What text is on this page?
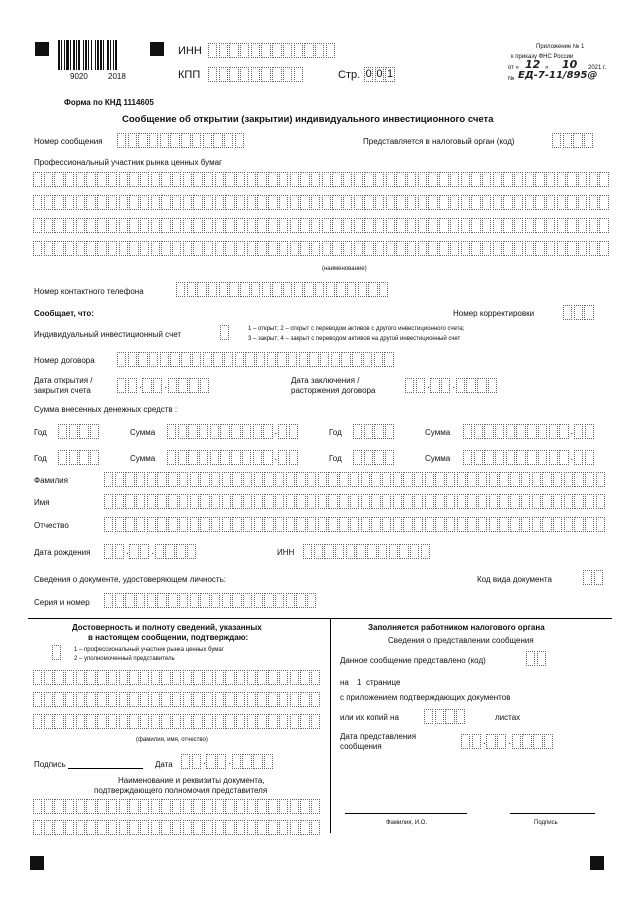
9020	2018
ИНН
КПП	Стр. 0 0 1
Приложение № 1
к приказу ФНС России
от « 12 » 10 2021 г.
№ ЕД-7-11/895@
Форма по КНД 1114605
Сообщение об открытии (закрытии) индивидуального инвестиционного счета
Номер сообщения	Представляется в налоговый орган (код)
Профессиональный участник рынка ценных бумаг
(наименование)
Номер контактного телефона
Сообщает, что:	Номер корректировки
Индивидуальный инвестиционный счет
1 – открыт; 2 – открыт с переводом активов с другого инвестиционного счета;
3 – закрыт; 4 – закрыт с переводом активов на другой инвестиционный счет
Номер договора
Дата открытия /
закрытия счета	. .	Дата заключения /
расторжения договора	. .
Сумма внесенных денежных средств :
Год	Сумма	.	Год	Сумма	.
Год	Сумма	.	Год	Сумма	.
Фамилия
Имя
Отчество
Дата рождения	. .	ИНН
Сведения о документе, удостоверяющем личность:	Код вида документа
Серия и номер
Достоверность и полноту сведений, указанных
в настоящем сообщении, подтверждаю:
1 – профессиональный участник рынка ценных бумаг
2 – уполномоченный представитель
(фамилия, имя, отчество)
Подпись	Дата	. .
Наименование и реквизиты документа,
подтверждающего полномочия представителя
Заполняется работником налогового органа
Сведения о представлении сообщения
Данное сообщение представлено (код)
на 1 странице
с приложением подтверждающих документов
или их копий на	листах
Дата представления
сообщения	. .
Фамилия, И.О.	Подпись
